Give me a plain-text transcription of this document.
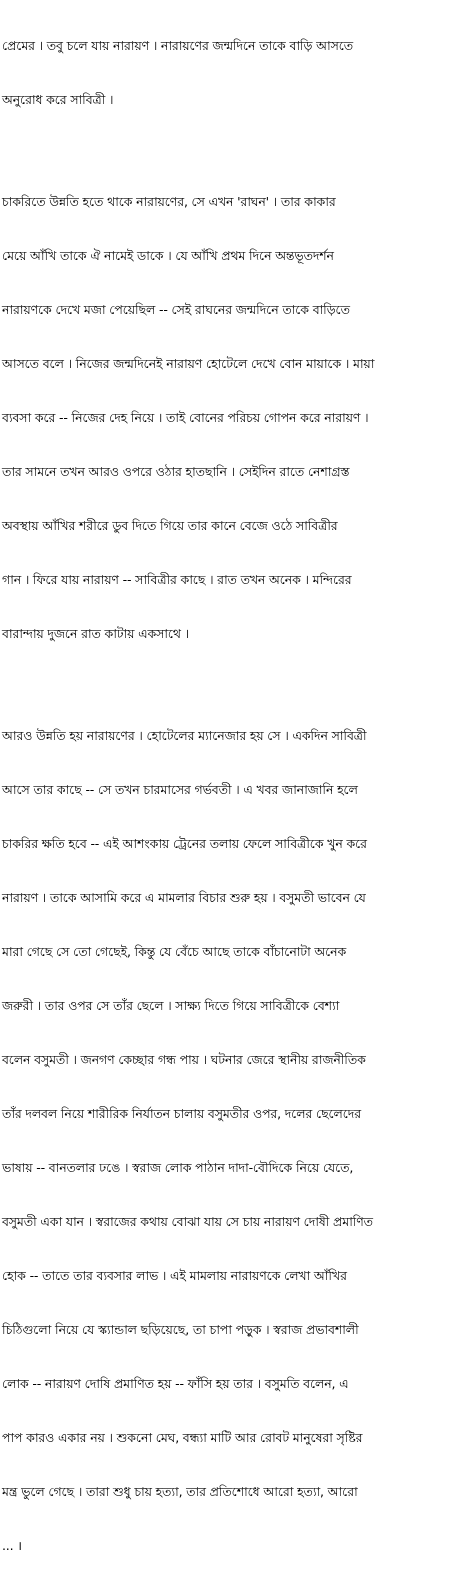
প্রেমের । তবু চলে যায় নারায়ণ । নারায়ণের জন্মদিনে তাকে বাড়ি আসতে

অনুরোধ করে সাবিত্রী ।

চাকরিতে উন্নতি হতে থাকে নারায়ণের, সে এখন 'রাঘন' । তার কাকার

মেয়ে আঁখি তাকে ঐ নামেই ডাকে । যে আঁখি প্রথম দিনে অন্তভূতদর্শন

নারায়ণকে দেখে মজা পেয়েছিল -- সেই রাঘনের জন্মদিনে তাকে বাড়িতে

আসতে বলে । নিজের জন্মদিনেই নারায়ণ হোটেলে দেখে বোন মায়াকে । মায়া

ব্যবসা করে -- নিজের দেহ নিয়ে । তাই বোনের পরিচয় গোপন করে নারায়ণ ।

তার সামনে তখন আরও ওপরে ওঠার হাতছানি । সেইদিন রাতে নেশাগ্রস্ত

অবস্থায় আঁখির শরীরে ডুব দিতে গিয়ে তার কানে বেজে ওঠে সাবিত্রীর

গান । ফিরে যায় নারায়ণ -- সাবিত্রীর কাছে । রাত তখন অনেক । মন্দিরের

বারান্দায় দুজনে রাত কাটায় একসাথে ।

আরও উন্নতি হয় নারায়ণের । হোটেলের ম্যানেজার হয় সে । একদিন সাবিত্রী

আসে তার কাছে -- সে তখন চারমাসের গর্ভবতী । এ খবর জানাজানি হলে

চাকরির ক্ষতি হবে -- এই আশংকায় ট্রেনের তলায় ফেলে সাবিত্রীকে খুন করে

নারায়ণ । তাকে আসামি করে এ মামলার বিচার শুরু হয় । বসুমতী ভাবেন যে

মারা গেছে সে তো গেছেই, কিন্তু যে বেঁচে আছে তাকে বাঁচানোটা অনেক

জরুরী । তার ওপর সে তাঁর ছেলে । সাক্ষ্য দিতে গিয়ে সাবিত্রীকে বেশ্যা

বলেন বসুমতী । জনগণ কেচ্ছার গন্ধ পায় । ঘটনার জেরে স্থানীয় রাজনীতিক

তাঁর দলবল নিয়ে শারীরিক নির্যাতন চালায় বসুমতীর ওপর, দলের ছেলেদের

ভাষায় -- বানতলার ঢঙে । স্বরাজ লোক পাঠান দাদা-বৌদিকে নিয়ে যেতে,

বসুমতী একা যান । স্বরাজের কথায় বোঝা যায় সে চায় নারায়ণ দোষী প্রমাণিত

হোক -- তাতে তার ব্যবসার লাভ । এই মামলায় নারায়ণকে লেখা আঁখির

চিঠিগুলো নিয়ে যে স্ক্যান্ডাল ছড়িয়েছে, তা চাপা পড়ুক । স্বরাজ প্রভাবশালী

লোক -- নারায়ণ দোষি প্রমাণিত হয় -- ফাঁসি হয় তার । বসুমতি বলেন, এ

পাপ কারও একার নয় । শুকনো মেঘ, বন্ধ্যা মাটি আর রোবট মানুষেরা সৃষ্টির

মন্ত্র ভুলে গেছে । তারা শুধু চায় হত্যা, তার প্রতিশোধে আরো হত্যা, আরো

... ।
